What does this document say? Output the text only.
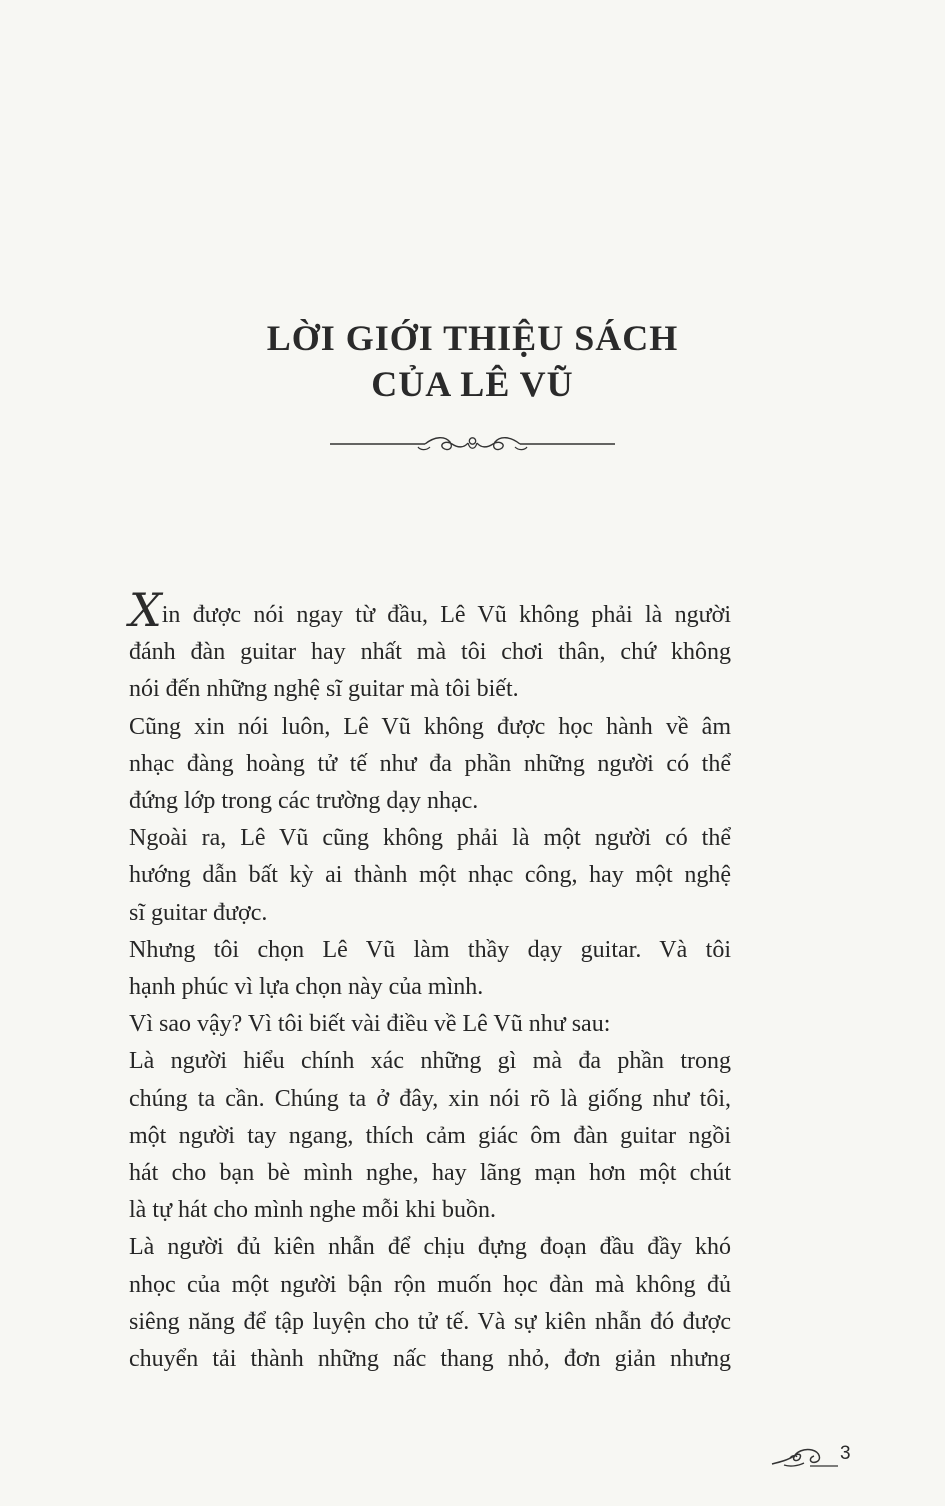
LỜI GIỚI THIỆU SÁCH
CỦA LÊ VŨ
Xin được nói ngay từ đầu, Lê Vũ không phải là người
đánh đàn guitar hay nhất mà tôi chơi thân, chứ không
nói đến những nghệ sĩ guitar mà tôi biết.
Cũng xin nói luôn, Lê Vũ không được học hành về âm
nhạc đàng hoàng tử tế như đa phần những người có thể
đứng lớp trong các trường dạy nhạc.
Ngoài ra, Lê Vũ cũng không phải là một người có thể
hướng dẫn bất kỳ ai thành một nhạc công, hay một nghệ
sĩ guitar được.
Nhưng tôi chọn Lê Vũ làm thầy dạy guitar. Và tôi
hạnh phúc vì lựa chọn này của mình.
Vì sao vậy? Vì tôi biết vài điều về Lê Vũ như sau:
Là người hiểu chính xác những gì mà đa phần trong
chúng ta cần. Chúng ta ở đây, xin nói rõ là giống như tôi,
một người tay ngang, thích cảm giác ôm đàn guitar ngồi
hát cho bạn bè mình nghe, hay lãng mạn hơn một chút
là tự hát cho mình nghe mỗi khi buồn.
Là người đủ kiên nhẫn để chịu đựng đoạn đầu đầy khó
nhọc của một người bận rộn muốn học đàn mà không đủ
siêng năng để tập luyện cho tử tế. Và sự kiên nhẫn đó được
chuyển tải thành những nấc thang nhỏ, đơn giản nhưng
3
